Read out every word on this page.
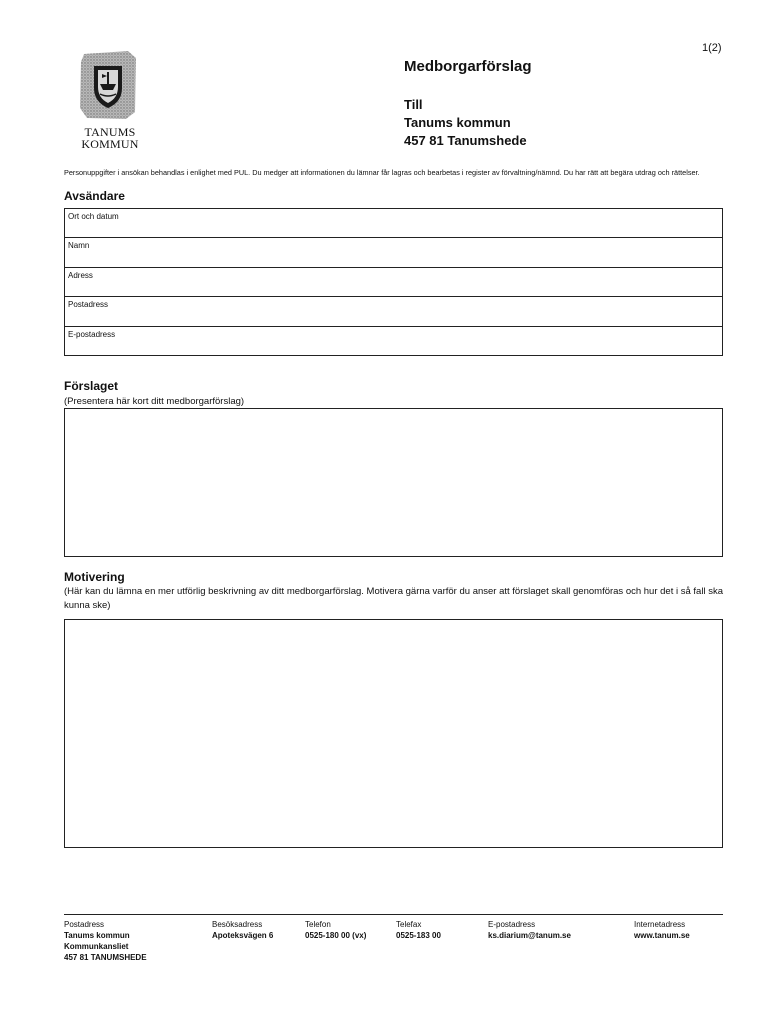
1(2)
TANUMS
KOMMUN
Medborgarförslag
Till
Tanums kommun
457 81 Tanumshede
Personuppgifter i ansökan behandlas i enlighet med PUL. Du medger att informationen du lämnar får lagras och bearbetas i register av förvaltning/nämnd. Du har rätt att begära utdrag och rättelser.
Avsändare
Ort och datum
Namn
Adress
Postadress
E-postadress
Förslaget
(Presentera här kort ditt medborgarförslag)
Motivering
(Här kan du lämna en mer utförlig beskrivning av ditt medborgarförslag. Motivera gärna varför du anser att förslaget skall genomföras och hur det i så fall ska kunna ske)
Postadress
Tanums kommun
Kommunkansliet
457 81 TANUMSHEDE
Besöksadress
Apoteksvägen 6
Telefon
0525-180 00 (vx)
Telefax
0525-183 00
E-postadress
ks.diarium@tanum.se
Internetadress
www.tanum.se
